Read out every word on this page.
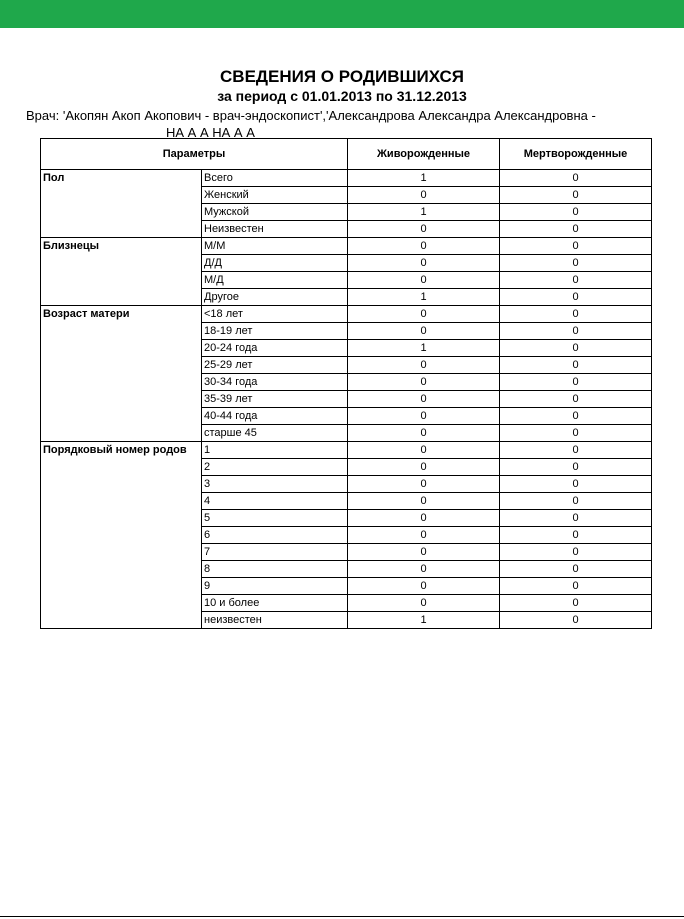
СВЕДЕНИЯ О РОДИВШИХСЯ
за период с 01.01.2013 по 31.12.2013
Врач: 'Акопян Акоп Акопович - врач-эндоскопист','Александрова Александра Александровна -
НА А А НА А А
Параметры		Живорожденные	Мертворожденные
Пол	Всего	1	0
	Женский	0	0
	Мужской	1	0
	Неизвестен	0	0
Близнецы	М/М	0	0
	Д/Д	0	0
	М/Д	0	0
	Другое	1	0
Возраст матери	<18 лет	0	0
	18-19 лет	0	0
	20-24 года	1	0
	25-29 лет	0	0
	30-34 года	0	0
	35-39 лет	0	0
	40-44 года	0	0
	старше 45	0	0
Порядковый номер родов	1	0	0
	2	0	0
	3	0	0
	4	0	0
	5	0	0
	6	0	0
	7	0	0
	8	0	0
	9	0	0
	10 и более	0	0
	неизвестен	1	0
